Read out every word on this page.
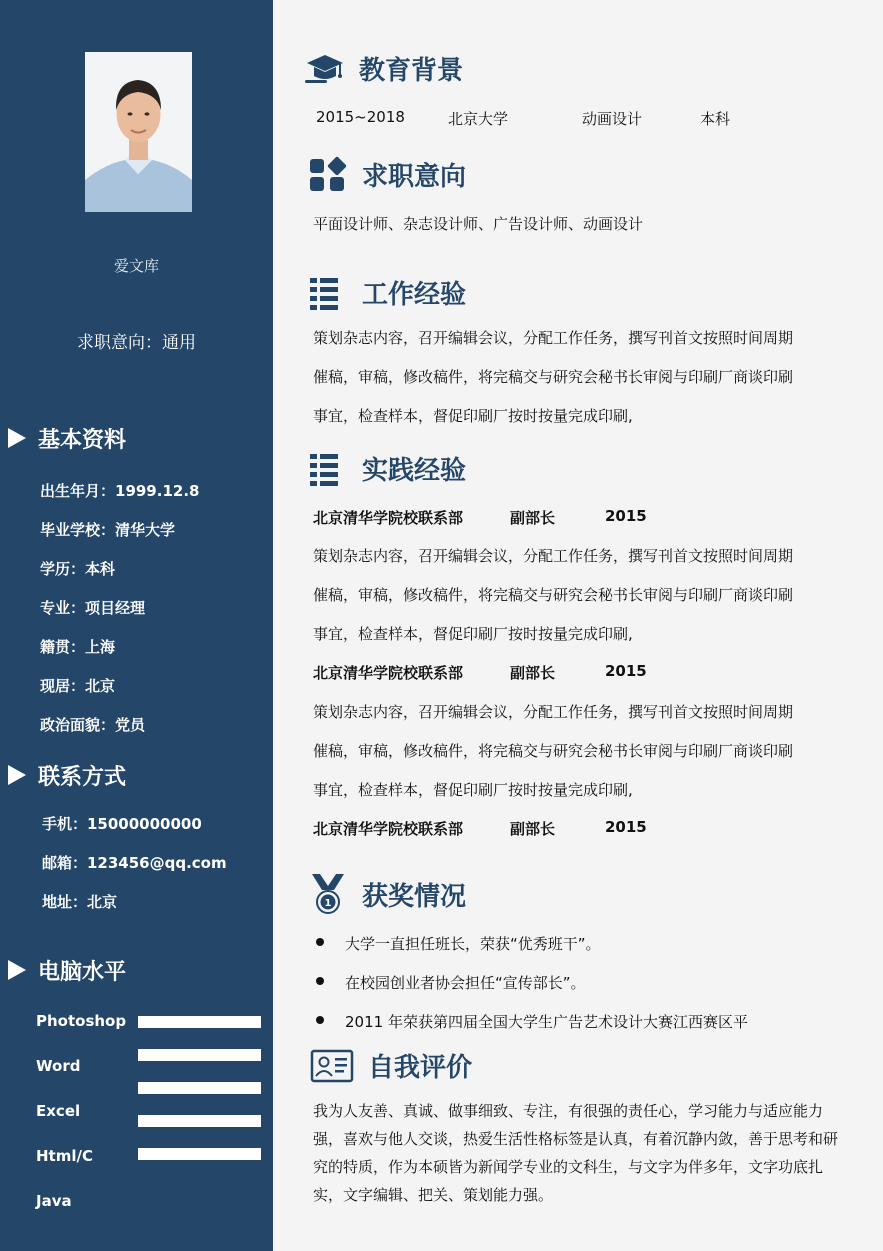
爱文库
求职意向：通用
基本资料
出生年月：1999.12.8
毕业学校：清华大学
学历：本科
专业：项目经理
籍贯：上海
现居：北京
政治面貌：党员
联系方式
手机：15000000000
邮箱：123456@qq.com
地址：北京
电脑水平
Photoshop
Word
Excel
Html/C
Java
教育背景
2015~2018	北京大学	动画设计	本科
求职意向
平面设计师、杂志设计师、广告设计师、动画设计
工作经验
策划杂志内容，召开编辑会议，分配工作任务，撰写刊首文按照时间周期
催稿，审稿，修改稿件，将完稿交与研究会秘书长审阅与印刷厂商谈印刷
事宜，检查样本，督促印刷厂按时按量完成印刷,
实践经验
北京清华学院校联系部	副部长	2015
策划杂志内容，召开编辑会议，分配工作任务，撰写刊首文按照时间周期
催稿，审稿，修改稿件，将完稿交与研究会秘书长审阅与印刷厂商谈印刷
事宜，检查样本，督促印刷厂按时按量完成印刷,
北京清华学院校联系部	副部长	2015
策划杂志内容，召开编辑会议，分配工作任务，撰写刊首文按照时间周期
催稿，审稿，修改稿件，将完稿交与研究会秘书长审阅与印刷厂商谈印刷
事宜，检查样本，督促印刷厂按时按量完成印刷,
北京清华学院校联系部	副部长	2015
1 获奖情况
大学一直担任班长，荣获“优秀班干”。
在校园创业者协会担任“宣传部长”。
2011 年荣获第四届全国大学生广告艺术设计大赛江西赛区平
自我评价
我为人友善、真诚、做事细致、专注，有很强的责任心，学习能力与适应能力强，喜欢与他人交谈，热爱生活性格标签是认真，有着沉静内敛，善于思考和研究的特质，作为本硕皆为新闻学专业的文科生，与文字为伴多年，文字功底扎实，文字编辑、把关、策划能力强。
